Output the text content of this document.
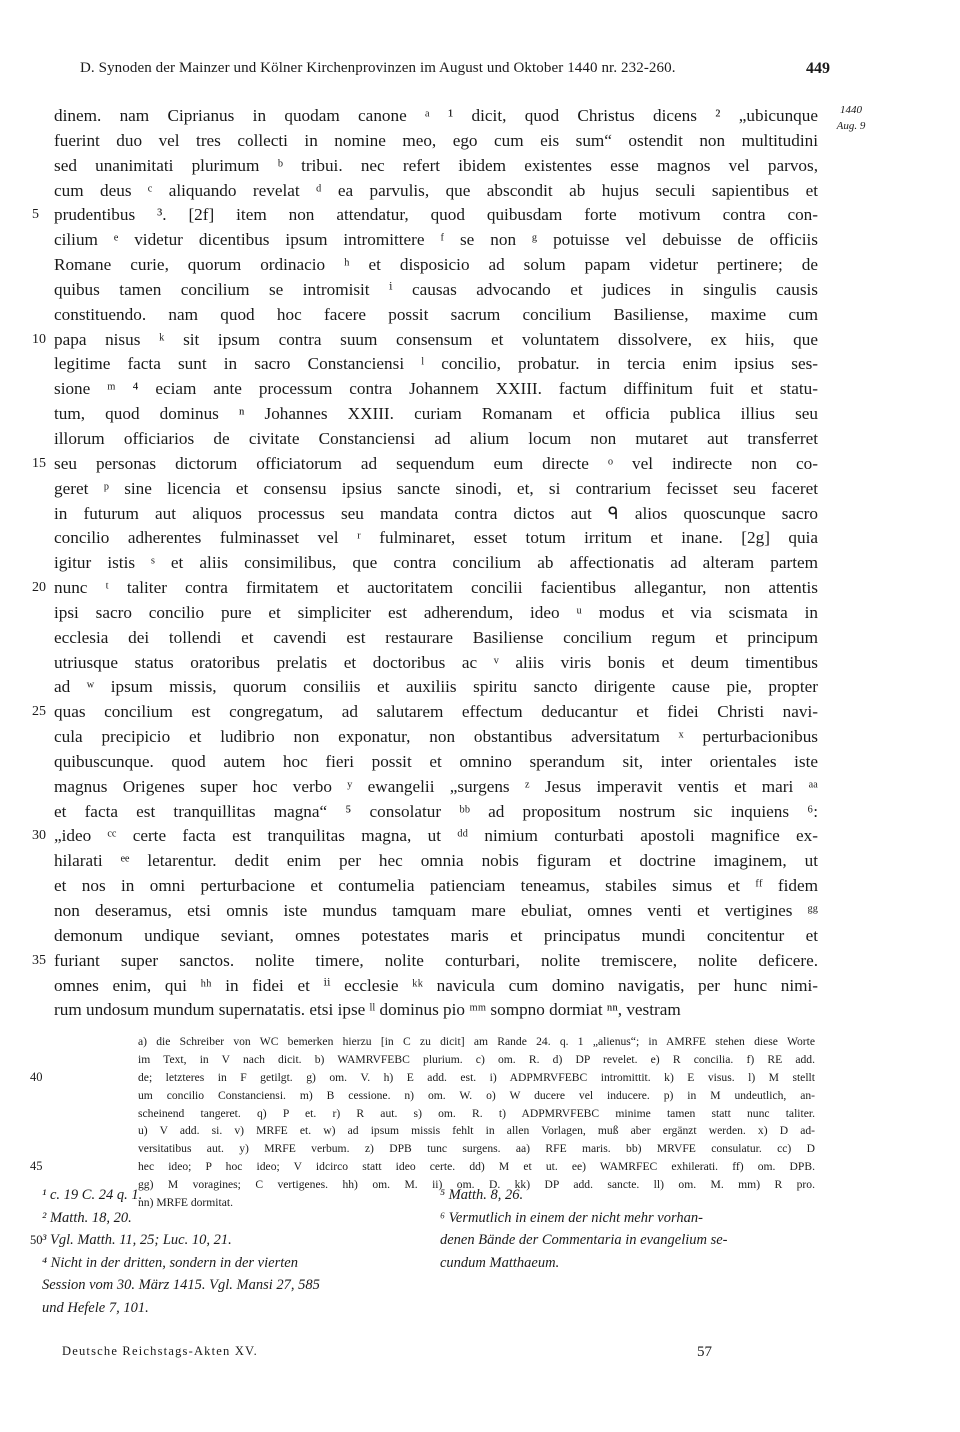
D. Synoden der Mainzer und Kölner Kirchenprovinzen im August und Oktober 1440 nr. 232-260.	449
1440
Aug. 9
dinem. nam Ciprianus in quodam canone ᵃ ¹ dicit, quod Christus dicens ² „ubicunque
fuerint duo vel tres collecti in nomine meo, ego cum eis sum“ ostendit non multitudini
sed unanimitati plurimum ᵇ tribui. nec refert ibidem existentes esse magnos vel parvos,
cum deus ᶜ aliquando revelat ᵈ ea parvulis, que abscondit ab hujus seculi sapientibus et
5 prudentibus ³. [2f] item non attendatur, quod quibusdam forte motivum contra con-
cilium ᵉ videtur dicentibus ipsum intromittere ᶠ se non ᵍ potuisse vel debuisse de officiis
Romane curie, quorum ordinacio ʰ et disposicio ad solum papam videtur pertinere; de
quibus tamen concilium se intromisit ⁱ causas advocando et judices in singulis causis
constituendo. nam quod hoc facere possit sacrum concilium Basiliense, maxime cum
10 papa nisus ᵏ sit ipsum contra suum consensum et voluntatem dissolvere, ex hiis, que
legitime facta sunt in sacro Constanciensi ˡ concilio, probatur. in tercia enim ipsius ses-
sione ᵐ ⁴ eciam ante processum contra Johannem XXIII. factum diffinitum fuit et statu-
tum, quod dominus ⁿ Johannes XXIII. curiam Romanam et officia publica illius seu
illorum officiarios de civitate Constanciensi ad alium locum non mutaret aut transferret
15 seu personas dictorum officiatorum ad sequendum eum directe ᵒ vel indirecte non co-
geret ᵖ sine licencia et consensu ipsius sancte sinodi, et, si contrarium fecisset seu faceret
in futurum aut aliquos processus seu mandata contra dictos aut ᑫ alios quoscunque sacro
concilio adherentes fulminasset vel ʳ fulminaret, esset totum irritum et inane. [2g] quia
igitur istis ˢ et aliis consimilibus, que contra concilium ab affectionatis ad alteram partem
20 nunc ᵗ taliter contra firmitatem et auctoritatem concilii facientibus allegantur, non attentis
ipsi sacro concilio pure et simpliciter est adherendum, ideo ᵘ modus et via scismata in
ecclesia dei tollendi et cavendi est restaurare Basiliense concilium regum et principum
utriusque status oratoribus prelatis et doctoribus ac ᵛ aliis viris bonis et deum timentibus
ad ʷ ipsum missis, quorum consiliis et auxiliis spiritu sancto dirigente cause pie, propter
25 quas concilium est congregatum, ad salutarem effectum deducantur et fidei Christi navi-
cula precipicio et ludibrio non exponatur, non obstantibus adversitatum ˣ perturbacionibus
quibuscunque. quod autem hoc fieri possit et omnino sperandum sit, inter orientales iste
magnus Origenes super hoc verbo ʸ ewangelii „surgens ᶻ Jesus imperavit ventis et mari ᵃᵃ
et facta est tranquillitas magna“ ⁵ consolatur ᵇᵇ ad propositum nostrum sic inquiens ⁶:
30 „ideo ᶜᶜ certe facta est tranquilitas magna, ut ᵈᵈ nimium conturbati apostoli magnifice ex-
hilarati ᵉᵉ letarentur. dedit enim per hec omnia nobis figuram et doctrine imaginem, ut
et nos in omni perturbacione et contumelia patienciam teneamus, stabiles simus et ᶠᶠ fidem
non deseramus, etsi omnis iste mundus tamquam mare ebuliat, omnes venti et vertigines ᵍᵍ
demonum undique seviant, omnes potestates maris et principatus mundi concitentur et
35 furiant super sanctos. nolite timere, nolite conturbari, nolite tremiscere, nolite deficere.
omnes enim, qui ʰʰ in fidei et ⁱⁱ ecclesie ᵏᵏ navicula cum domino navigatis, per hunc nimi-
rum undosum mundum supernatatis. etsi ipse ˡˡ dominus pio ᵐᵐ sompno dormiat ⁿⁿ, vestram
a) die Schreiber von WC bemerken hierzu [in C zu dicit] am Rande 24. q. 1 „alienus“; in AMRFE stehen diese Worte
im Text, in V nach dicit. b) WAMRVFEBC plurium. c) om. R. d) DP revelet. e) R concilia. f) RE add.
40	de; letzteres in F getilgt. g) om. V. h) E add. est. i) ADPMRVFEBC intromittit. k) E visus. l) M stellt
um concilio Constanciensi. m) B cessione. n) om. W. o) W ducere vel inducere. p) in M undeutlich, an-
scheinend tangeret. q) P et. r) R aut. s) om. R. t) ADPMRVFEBC minime tamen statt nunc taliter.
u) V add. si. v) MRFE et. w) ad ipsum missis fehlt in allen Vorlagen, muß aber ergänzt werden. x) D ad-
versitatibus aut. y) MRFE verbum. z) DPB tunc surgens. aa) RFE maris. bb) MRVFE consulatur. cc) D
45	hec ideo; P hoc ideo; V idcirco statt ideo certe. dd) M et ut. ee) WAMRFEC exhilerati. ff) om. DPB.
gg) M voragines; C vertigenes. hh) om. M. ii) om. D. kk) DP add. sancte. ll) om. M. mm) R pro.
nn) MRFE dormitat.
¹ c. 19 C. 24 q. 1.	⁵ Matth. 8, 26.
² Matth. 18, 20.	⁶ Vermutlich in einem der nicht mehr vorhan-
50 ³ Vgl. Matth. 11, 25; Luc. 10, 21.	denen Bände der Commentaria in evangelium se-
⁴ Nicht in der dritten, sondern in der vierten	cundum Matthaeum.
Session vom 30. März 1415. Vgl. Mansi 27, 585
und Hefele 7, 101.
Deutsche Reichstags-Akten XV.	57
